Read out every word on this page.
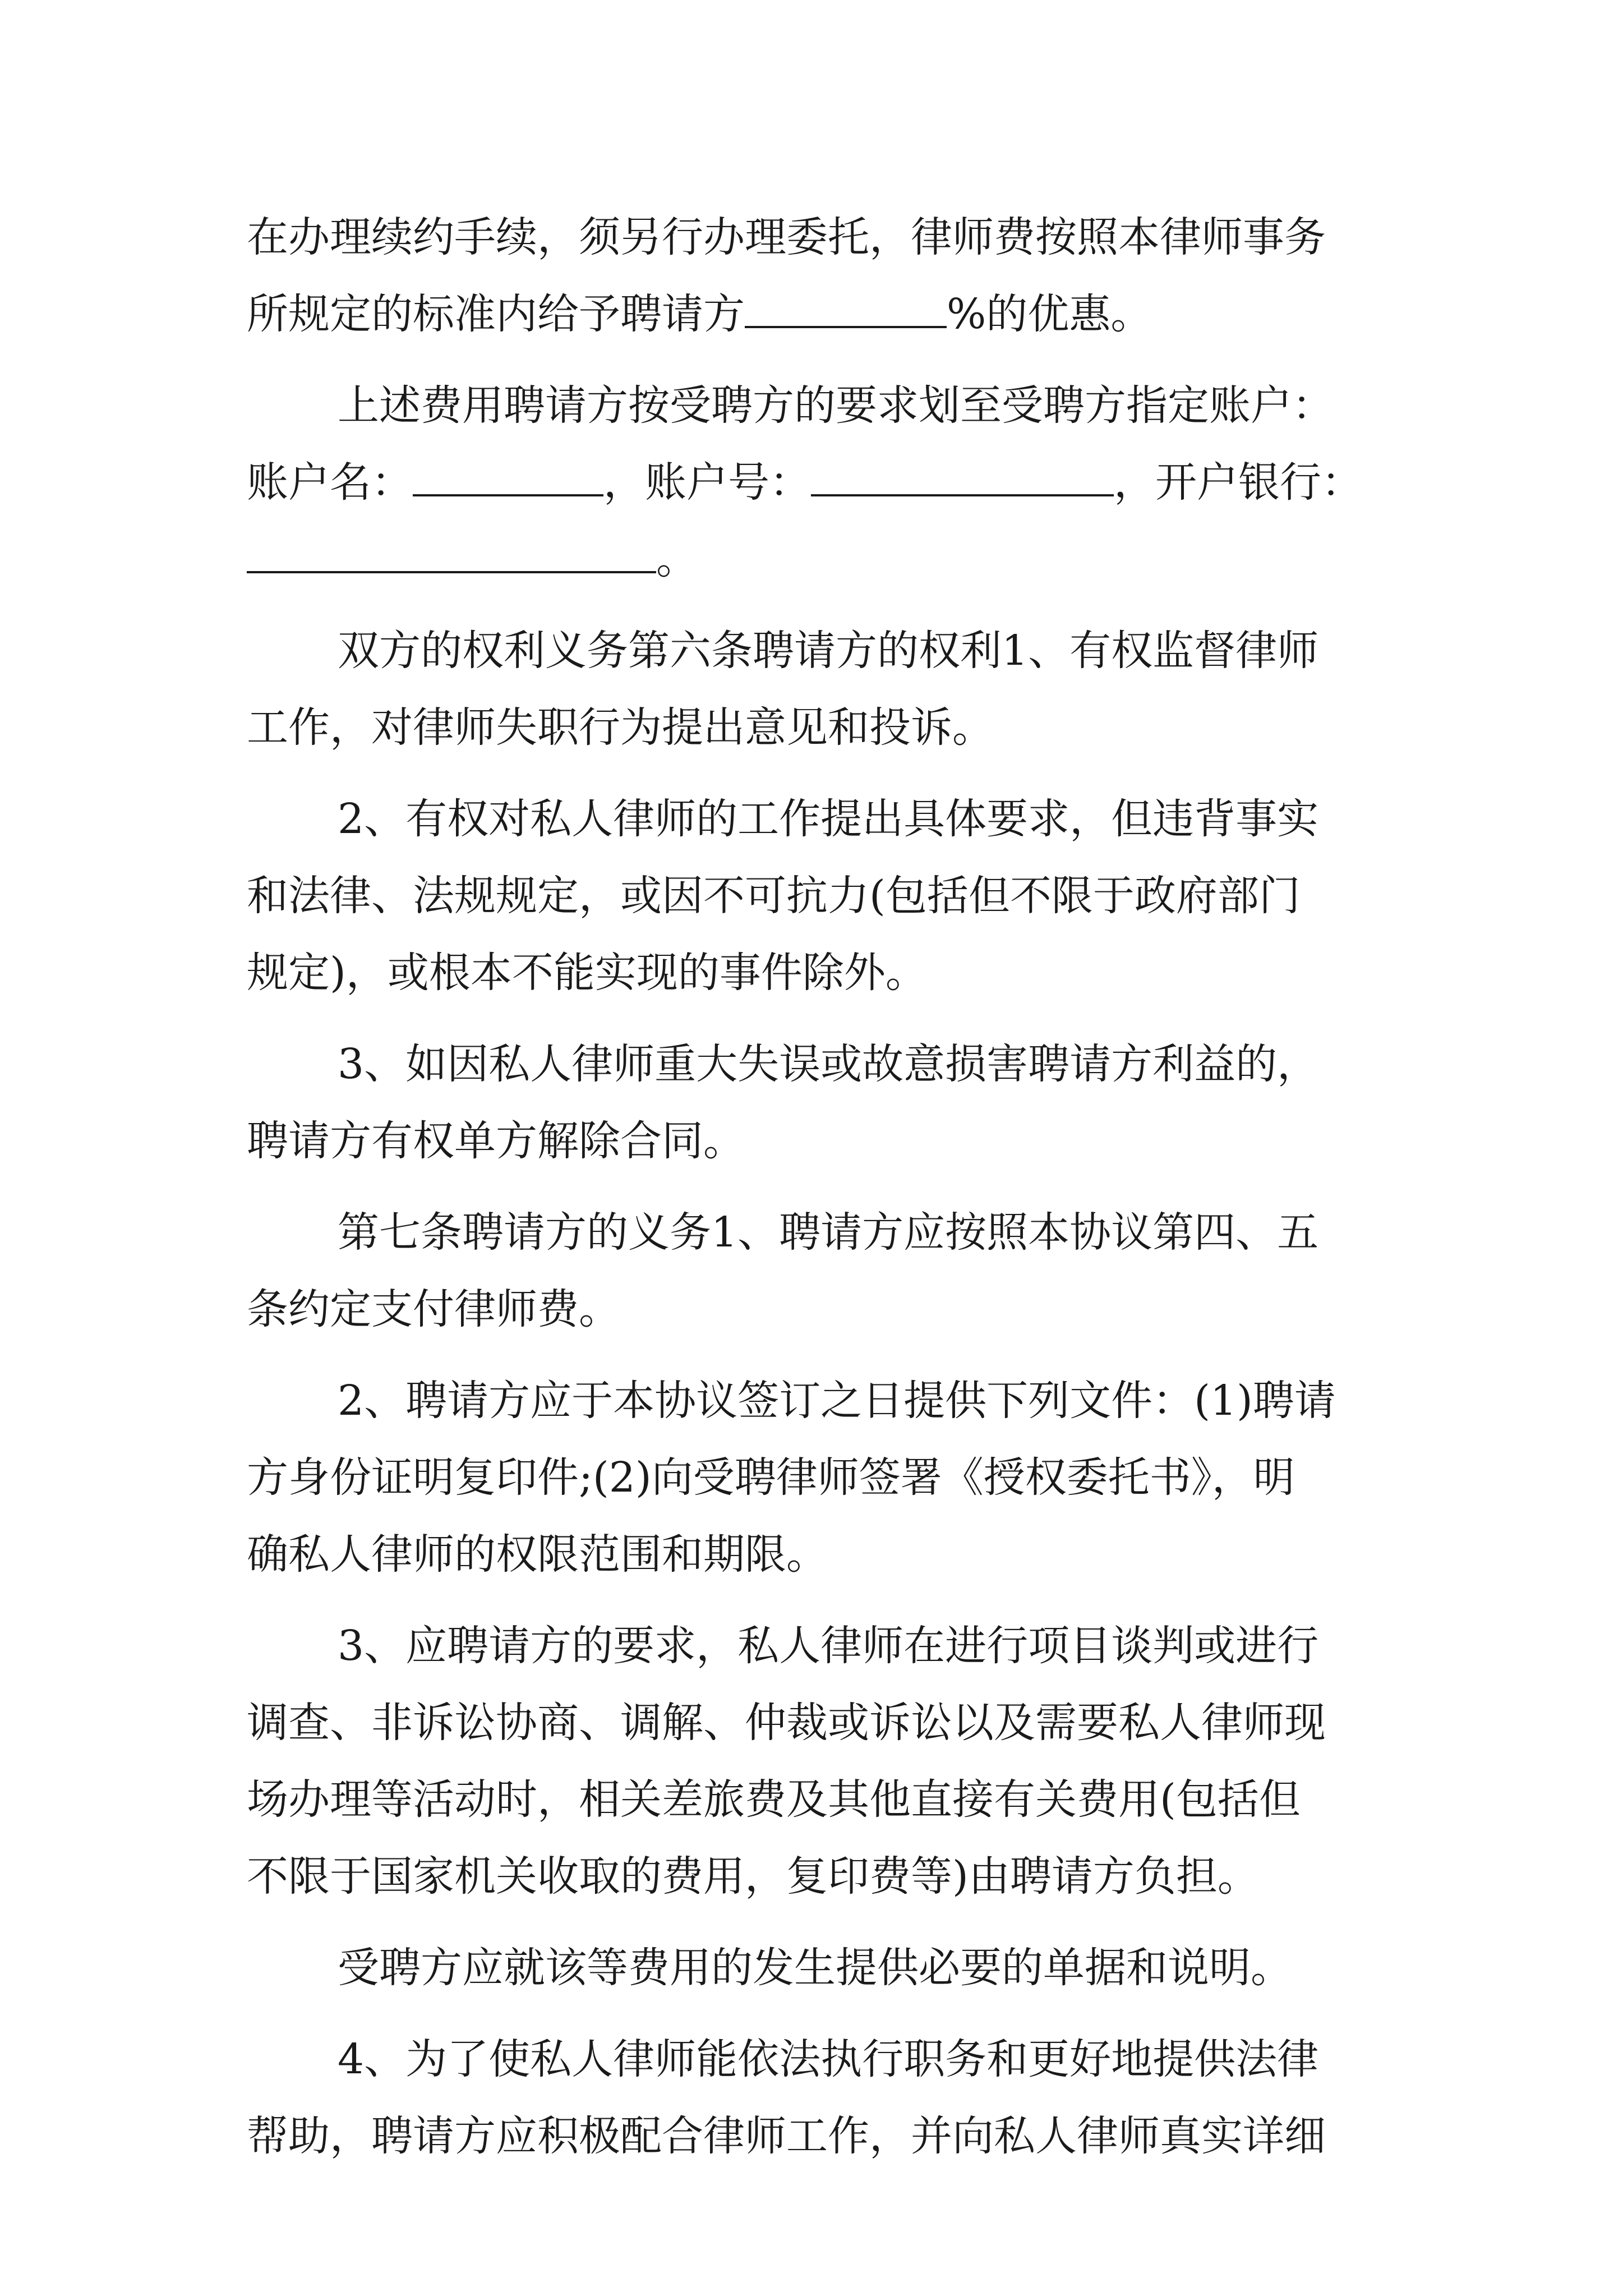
在办理续约手续，须另行办理委托，律师费按照本律师事务
所规定的标准内给予聘请方	%的优惠。
上述费用聘请方按受聘方的要求划至受聘方指定账户：
账户名：	，账户号：	，开户银行：
。
双方的权利义务第六条聘请方的权利1、有权监督律师
工作，对律师失职行为提出意见和投诉。
2、有权对私人律师的工作提出具体要求，但违背事实
和法律、法规规定，或因不可抗力(包括但不限于政府部门
规定)，或根本不能实现的事件除外。
3、如因私人律师重大失误或故意损害聘请方利益的，
聘请方有权单方解除合同。
第七条聘请方的义务1、聘请方应按照本协议第四、五
条约定支付律师费。
2、聘请方应于本协议签订之日提供下列文件：(1)聘请
方身份证明复印件;(2)向受聘律师签署《授权委托书》，明
确私人律师的权限范围和期限。
3、应聘请方的要求，私人律师在进行项目谈判或进行
调查、非诉讼协商、调解、仲裁或诉讼以及需要私人律师现
场办理等活动时，相关差旅费及其他直接有关费用(包括但
不限于国家机关收取的费用，复印费等)由聘请方负担。
受聘方应就该等费用的发生提供必要的单据和说明。
4、为了使私人律师能依法执行职务和更好地提供法律
帮助，聘请方应积极配合律师工作，并向私人律师真实详细
